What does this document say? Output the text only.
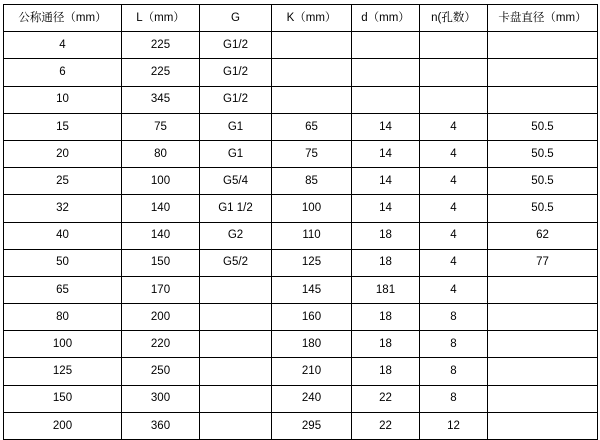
公称通径（mm）	L（mm）	G	K（mm）	d（mm）	n(孔数）	卡盘直径（mm）
4	225	G1/2				
6	225	G1/2				
10	345	G1/2				
15	75	G1	65	14	4	50.5
20	80	G1	75	14	4	50.5
25	100	G5/4	85	14	4	50.5
32	140	G1 1/2	100	14	4	50.5
40	140	G2	110	18	4	62
50	150	G5/2	125	18	4	77
65	170		145	181	4	
80	200		160	18	8	
100	220		180	18	8	
125	250		210	18	8	
150	300		240	22	8	
200	360		295	22	12	
